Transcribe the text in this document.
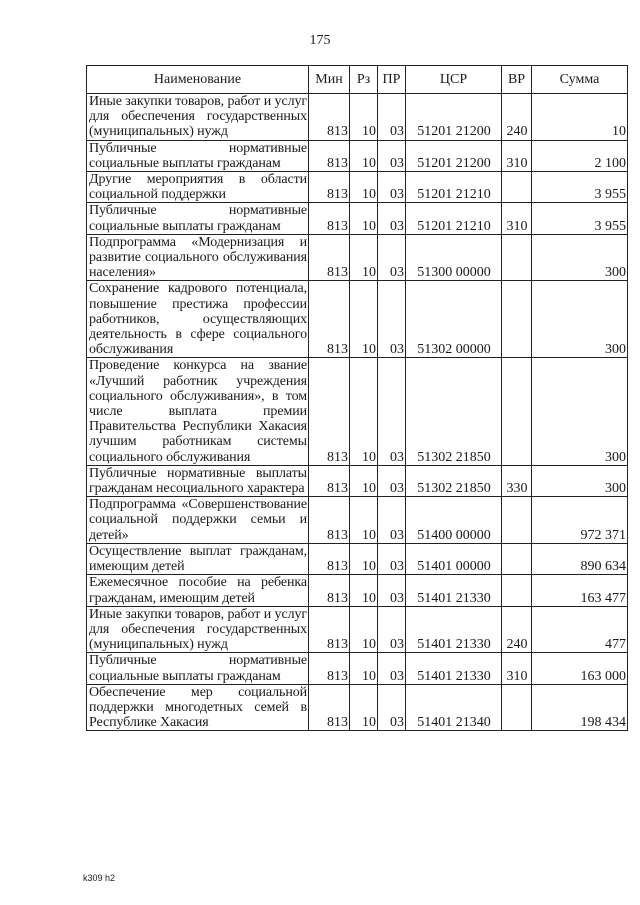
175
Наименование	Мин	Рз	ПР	ЦСР	ВР	Сумма
Иные закупки товаров, работ и услуг для обеспечения государственных (муниципальных) нужд	813	10	03	51201 21200	240	10
Публичные нормативные социальные выплаты гражданам	813	10	03	51201 21200	310	2 100
Другие мероприятия в области социальной поддержки	813	10	03	51201 21210		3 955
Публичные нормативные социальные выплаты гражданам	813	10	03	51201 21210	310	3 955
Подпрограмма «Модернизация и развитие социального обслуживания населения»	813	10	03	51300 00000		300
Сохранение кадрового потенциала, повышение престижа профессии работников, осуществляющих деятельность в сфере социального обслуживания	813	10	03	51302 00000		300
Проведение конкурса на звание «Лучший работник учреждения социального обслуживания», в том числе выплата премии Правительства Республики Хакасия лучшим работникам системы социального обслуживания	813	10	03	51302 21850		300
Публичные нормативные выплаты гражданам несоциального характера	813	10	03	51302 21850	330	300
Подпрограмма «Совершенствование социальной поддержки семьи и детей»	813	10	03	51400 00000		972 371
Осуществление выплат гражданам, имеющим детей	813	10	03	51401 00000		890 634
Ежемесячное пособие на ребенка гражданам, имеющим детей	813	10	03	51401 21330		163 477
Иные закупки товаров, работ и услуг для обеспечения государственных (муниципальных) нужд	813	10	03	51401 21330	240	477
Публичные нормативные социальные выплаты гражданам	813	10	03	51401 21330	310	163 000
Обеспечение мер социальной поддержки многодетных семей в Республике Хакасия	813	10	03	51401 21340		198 434
k309 h2
